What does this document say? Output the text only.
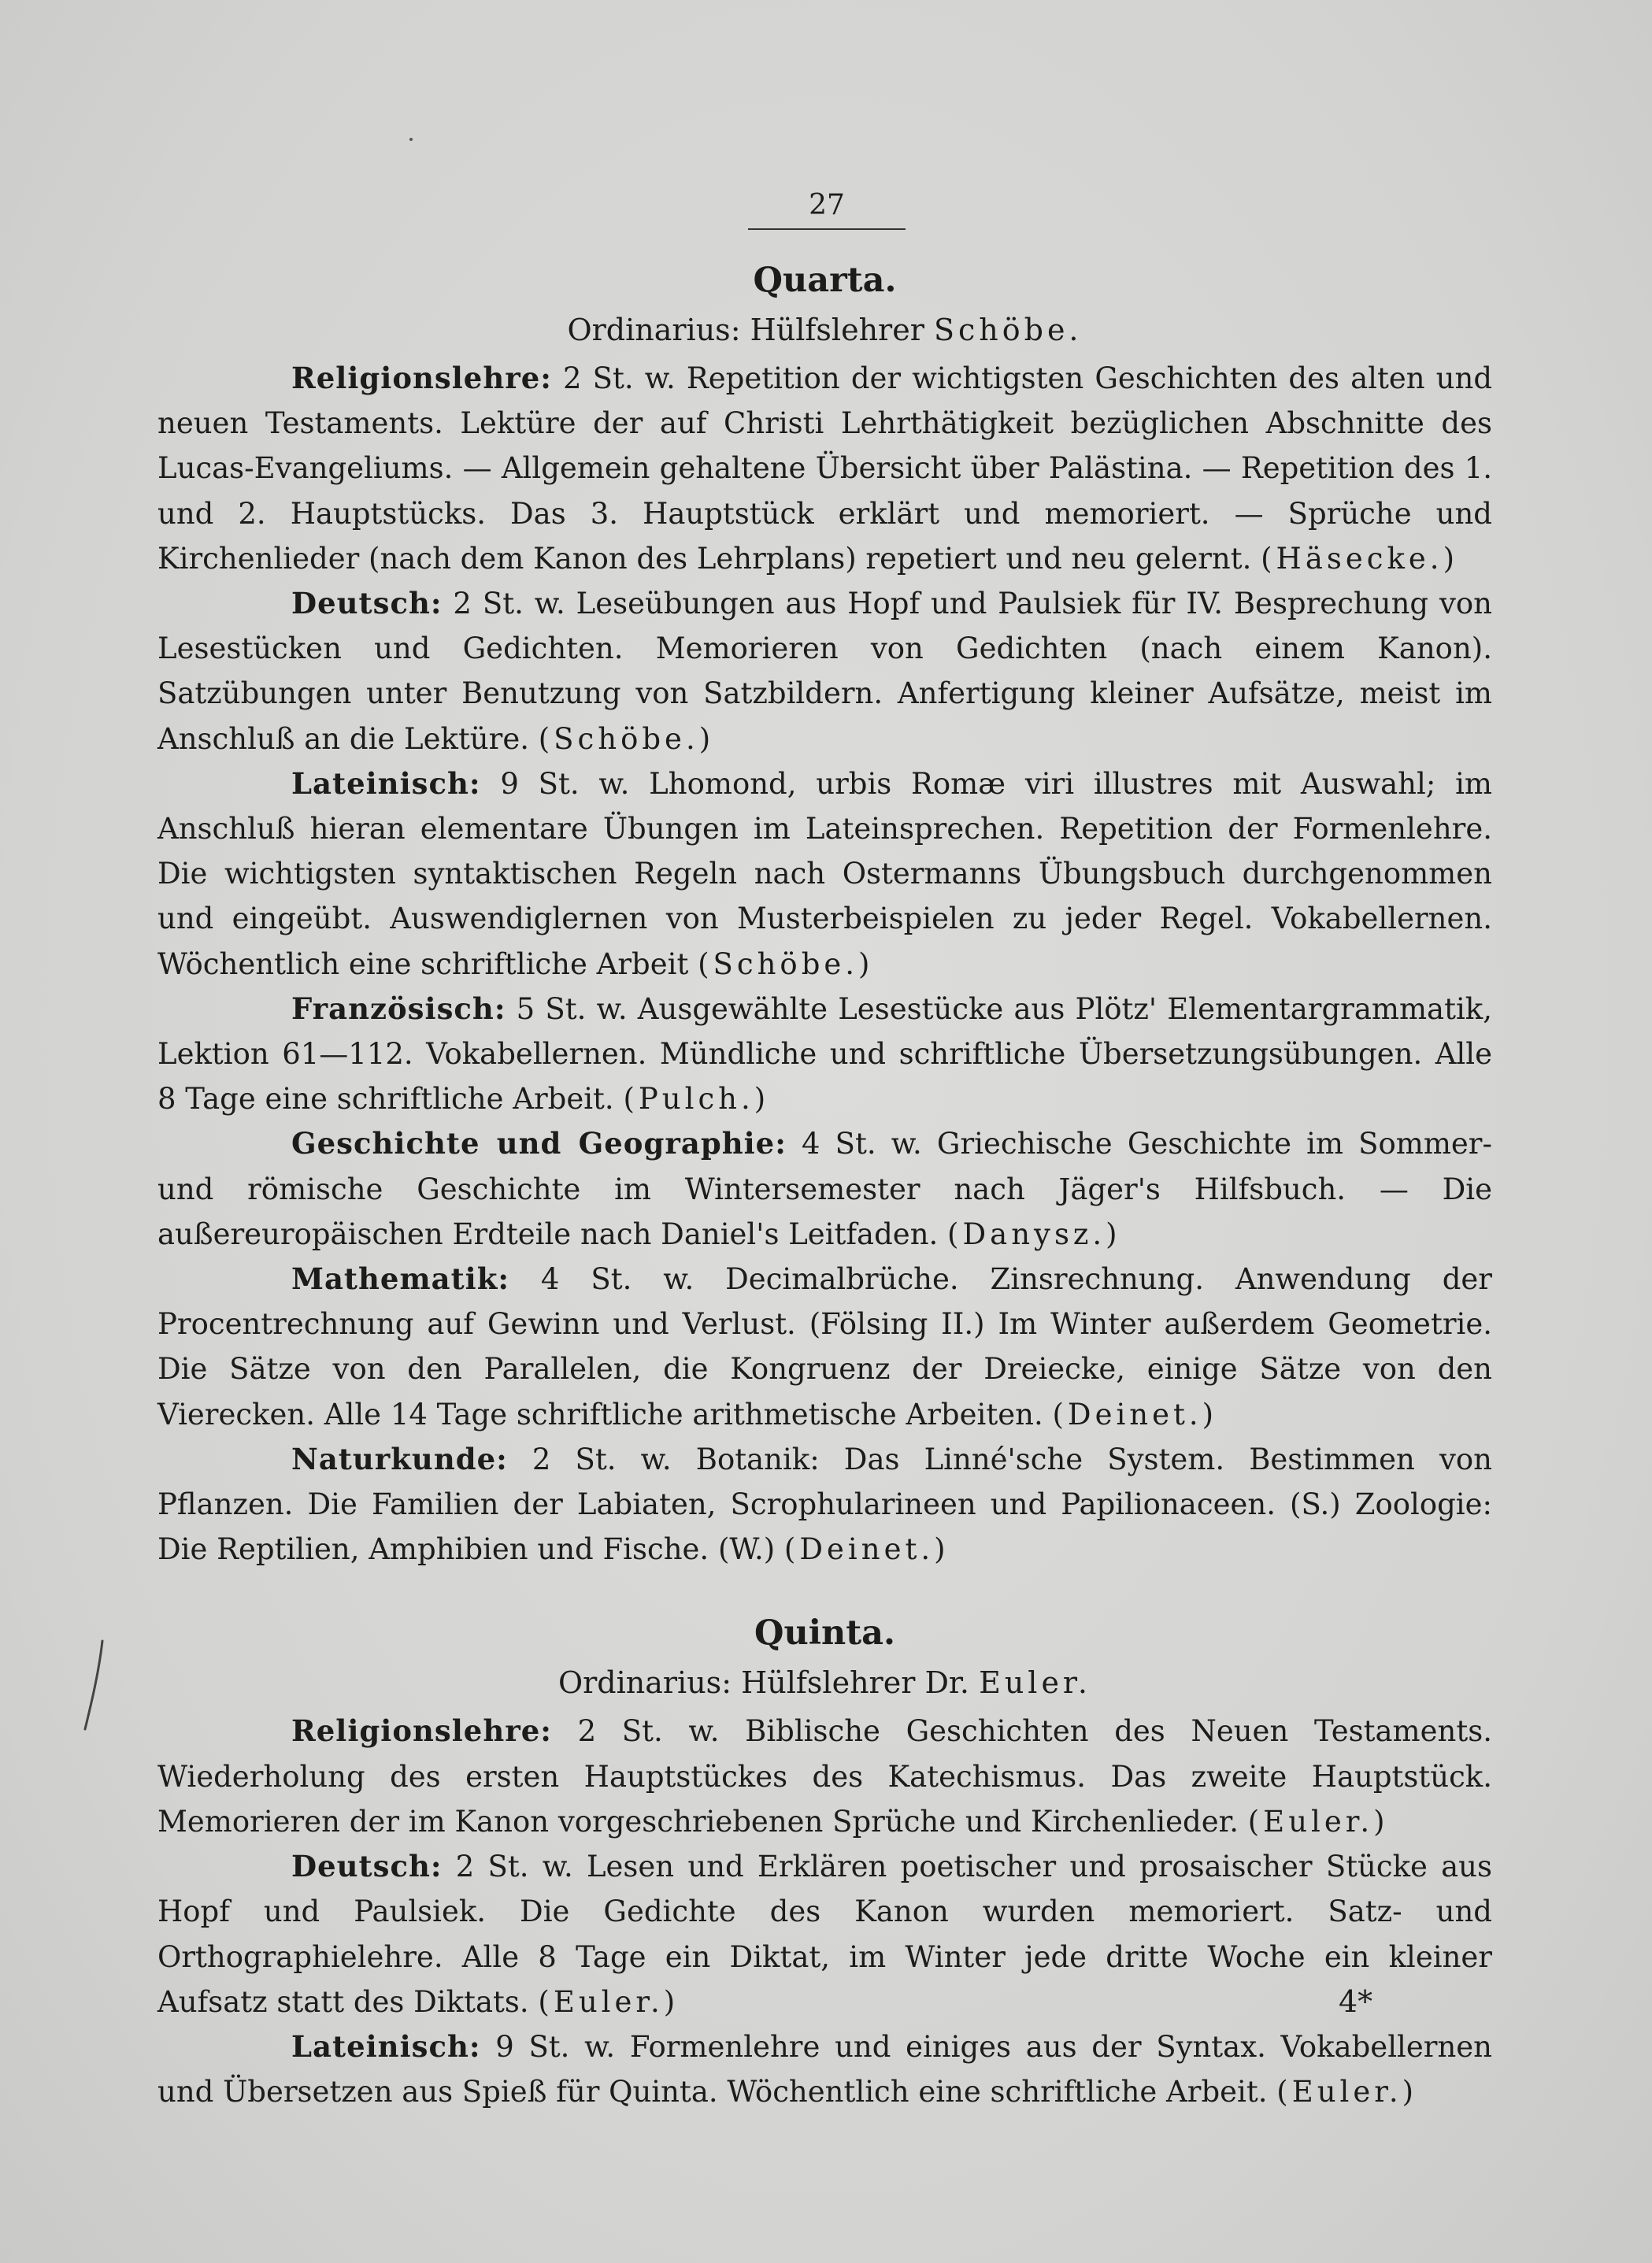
27
Quarta.
Ordinarius: Hülfslehrer Schöbe.

Religionslehre: 2 St. w. Repetition der wichtigsten Geschichten des alten und neuen Testaments. Lektüre der auf Christi Lehrthätigkeit bezüglichen Abschnitte des Lucas-Evangeliums. — Allgemein gehaltene Übersicht über Palästina. — Repetition des 1. und 2. Hauptstücks. Das 3. Hauptstück erklärt und memoriert. — Sprüche und Kirchenlieder (nach dem Kanon des Lehrplans) repetiert und neu gelernt. (Häsecke.)

Deutsch: 2 St. w. Leseübungen aus Hopf und Paulsiek für IV. Besprechung von Lesestücken und Gedichten. Memorieren von Gedichten (nach einem Kanon). Satzübungen unter Benutzung von Satzbildern. Anfertigung kleiner Aufsätze, meist im Anschluß an die Lektüre. (Schöbe.)

Lateinisch: 9 St. w. Lhomond, urbis Romæ viri illustres mit Auswahl; im Anschluß hieran elementare Übungen im Lateinsprechen. Repetition der Formenlehre. Die wichtigsten syntaktischen Regeln nach Ostermanns Übungsbuch durchgenommen und eingeübt. Auswendiglernen von Musterbeispielen zu jeder Regel. Vokabellernen. Wöchentlich eine schriftliche Arbeit (Schöbe.)

Französisch: 5 St. w. Ausgewählte Lesestücke aus Plötz' Elementargrammatik, Lektion 61—112. Vokabellernen. Mündliche und schriftliche Übersetzungsübungen. Alle 8 Tage eine schriftliche Arbeit. (Pulch.)

Geschichte und Geographie: 4 St. w. Griechische Geschichte im Sommer- und römische Geschichte im Wintersemester nach Jäger's Hilfsbuch. — Die außereuropäischen Erdteile nach Daniel's Leitfaden. (Danysz.)

Mathematik: 4 St. w. Decimalbrüche. Zinsrechnung. Anwendung der Procentrechnung auf Gewinn und Verlust. (Fölsing II.) Im Winter außerdem Geometrie. Die Sätze von den Parallelen, die Kongruenz der Dreiecke, einige Sätze von den Vierecken. Alle 14 Tage schriftliche arithmetische Arbeiten. (Deinet.)

Naturkunde: 2 St. w. Botanik: Das Linné'sche System. Bestimmen von Pflanzen. Die Familien der Labiaten, Scrophularineen und Papilionaceen. (S.) Zoologie: Die Reptilien, Amphibien und Fische. (W.) (Deinet.)

Quinta.
Ordinarius: Hülfslehrer Dr. Euler.

Religionslehre: 2 St. w. Biblische Geschichten des Neuen Testaments. Wiederholung des ersten Hauptstückes des Katechismus. Das zweite Hauptstück. Memorieren der im Kanon vorgeschriebenen Sprüche und Kirchenlieder. (Euler.)

Deutsch: 2 St. w. Lesen und Erklären poetischer und prosaischer Stücke aus Hopf und Paulsiek. Die Gedichte des Kanon wurden memoriert. Satz- und Orthographielehre. Alle 8 Tage ein Diktat, im Winter jede dritte Woche ein kleiner Aufsatz statt des Diktats. (Euler.)

Lateinisch: 9 St. w. Formenlehre und einiges aus der Syntax. Vokabellernen und Übersetzen aus Spieß für Quinta. Wöchentlich eine schriftliche Arbeit. (Euler.)

4*
